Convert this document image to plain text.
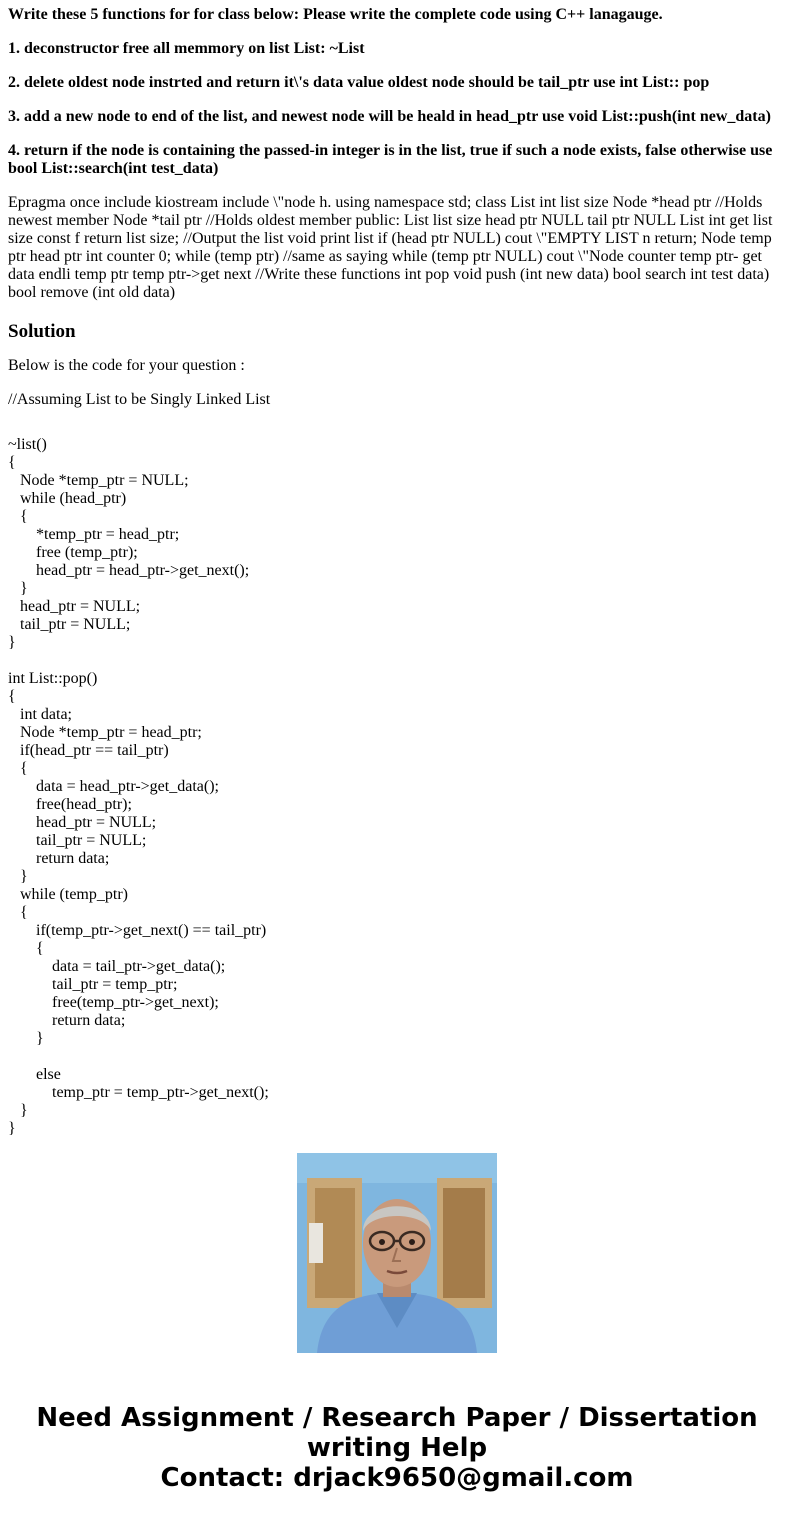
Write these 5 functions for for class below: Please write the complete code using C++ lanagauge.
1. deconstructor free all memmory on list List: ~List
2. delete oldest node instrted and return it\'s data value oldest node should be tail_ptr use int List:: pop
3. add a new node to end of the list, and newest node will be heald in head_ptr use void List::push(int new_data)
4. return if the node is containing the passed-in integer is in the list, true if such a node exists, false otherwise use bool List::search(int test_data)
Epragma once include kiostream include \"node h. using namespace std; class List int list size Node *head ptr //Holds newest member Node *tail ptr //Holds oldest member public: List list size head ptr NULL tail ptr NULL List int get list size const f return list size; //Output the list void print list if (head ptr NULL) cout \"EMPTY LIST n return; Node temp ptr head ptr int counter 0; while (temp ptr) //same as saying while (temp ptr NULL) cout \"Node counter temp ptr- get data endli temp ptr temp ptr->get next //Write these functions int pop void push (int new data) bool search int test data) bool remove (int old data)
Solution
Below is the code for your question :
//Assuming List to be Singly Linked List
~list()
{
Node *temp_ptr = NULL;
while (head_ptr)
{
*temp_ptr = head_ptr;
free (temp_ptr);
head_ptr = head_ptr->get_next();
}
head_ptr = NULL;
tail_ptr = NULL;
}
int List::pop()
{
int data;
Node *temp_ptr = head_ptr;
if(head_ptr == tail_ptr)
{
data = head_ptr->get_data();
free(head_ptr);
head_ptr = NULL;
tail_ptr = NULL;
return data;
}
while (temp_ptr)
{
if(temp_ptr->get_next() == tail_ptr)
{
data = tail_ptr->get_data();
tail_ptr = temp_ptr;
free(temp_ptr->get_next);
return data;
}
else
temp_ptr = temp_ptr->get_next();
}
}
Need Assignment / Research Paper / Dissertation
writing Help
Contact: drjack9650@gmail.com
